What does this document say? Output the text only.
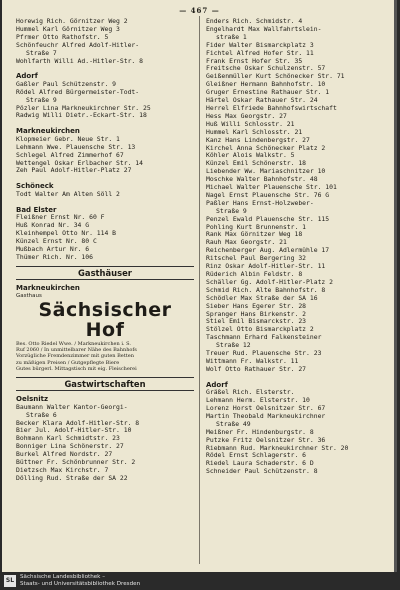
— 467 —
Horewig Rich. Görnitzer Weg 2
Hummel Karl Görnitzer Weg 3
Pfrmer Otto Rathofstr. 5
Schönfeuchr Alfred Adolf-Hitler-
Straße 7
Wohlfarth Willi Ad.-Hitler-Str. 8
Adorf
Gaßler Paul Schützenstr. 9
Rödel Alfred Bürgermeister-Todt-
Straße 9
Pözler Lina Markneukirchner Str. 25
Radwig Willi Dietr.-Eckart-Str. 18
Markneukirchen
Klopmeier Gebr. Neue Str. 1
Lehmann Wwe. Plauensche Str. 13
Schlegel Alfred Zimmerhof 67
Wettengel Oskar Erlbacher Str. 14
Zeh Paul Adolf-Hitler-Platz 27
Schöneck
Todt Walter Am Alten Söll 2
Bad Elster
Fleißner Ernst Nr. 60 F
Huß Konrad Nr. 34 G
Kleinhempel Otto Nr. 114 B
Künzel Ernst Nr. 80 C
Mußbach Artur Nr. 6
Thümer Rich. Nr. 106
Gasthäuser
Markneukirchen
Gasthaus
Sächsischer Hof
Bes. Otto Riedel Wwe. / Markneukirchen i. S.
Ruf 2060 / In unmittelbarer Nähe des Bahnhofs
Vorzügliche Fremdenzimmer mit guten Betten
zu mäßigen Preisen / Gutgepflegte Biere
Gutes bürgerl. Mittagstisch mit eig. Fleischerei
Gastwirtschaften
Oelsnitz
Baumann Walter Kantor-Georgi-
Straße 6
Becker Klara Adolf-Hitler-Str. 8
Bier Jul. Adolf-Hitler-Str. 10
Bohmann Karl Schmidtstr. 23
Bonniger Lina Schönerstr. 27
Burkel Alfred Nordstr. 27
Büttner Fr. Schönbrunner Str. 2
Dietzsch Max Kirchstr. 7
Dölling Rud. Straße der SA 22
Enders Rich. Schmidstr. 4
Engelhardt Max Wallfahrtslein-
straße 1
Fider Walter Bismarckplatz 3
Fichtel Alfred Hofer Str. 11
Frank Ernst Hofer Str. 35
Freitsche Oskar Schulzenstr. 57
Geißenmüller Kurt Schönecker Str. 71
Gleißner Hermann Bahnhofstr. 10
Gruger Ernestine Rathauer Str. 1
Härtel Oskar Rathauer Str. 24
Herrel Elfriede Bahnhofswirtschaft
Hess Max Georgstr. 27
Huß Willi Schlosstr. 21
Hummel Karl Schlosstr. 21
Kanz Hans Lindenbergstr. 27
Kirchel Anna Schönecker Platz 2
Köhler Alois Walkstr. 5
Künzel Emil Schönerstr. 18
Liebender Ww. Mariaschnitzer 10
Moschke Walter Bahnhofstr. 48
Michael Walter Plauensche Str. 101
Nagel Ernst Plauensche Str. 76 G
Paßler Hans Ernst-Holzweber-
Straße 9
Penzel Ewald Plauensche Str. 115
Pohling Kurt Brunnenstr. 1
Rank Max Görnitzer Weg 18
Rauh Max Georgstr. 21
Reichenberger Aug. Adlermühle 17
Ritschel Paul Bergering 32
Rinz Oskar Adolf-Hitler-Str. 11
Rüderich Albin Feldstr. 8
Schäller Gg. Adolf-Hitler-Platz 2
Schmid Rich. Alte Bahnhofstr. 8
Schödler Max Straße der SA 16
Sieber Hans Egerer Str. 28
Spranger Hans Birkenstr. 2
Stiel Emil Bismarckstr. 23
Stölzel Otto Bismarckplatz 2
Taschmann Erhard Falkensteiner
Straße 12
Treuer Rud. Plauensche Str. 23
Wittmann Fr. Walkstr. 11
Wolf Otto Rathauer Str. 27
Adorf
Gräßel Rich. Elsterstr.
Lehmann Herm. Elsterstr. 10
Lorenz Horst Oelsnitzer Str. 67
Martin Theobald Markneukirchner
Straße 49
Meißner Fr. Hindenburgstr. 8
Putzke Fritz Oelsnitzer Str. 36
Riebmann Rud. Markneukirchner Str. 20
Rödel Ernst Schlagerstr. 6
Riedel Laura Schaderstr. 6 D
Schneider Paul Schützenstr. 8
SL	Sächsische Landesbibliothek –
Staats- und Universitätsbibliothek Dresden
